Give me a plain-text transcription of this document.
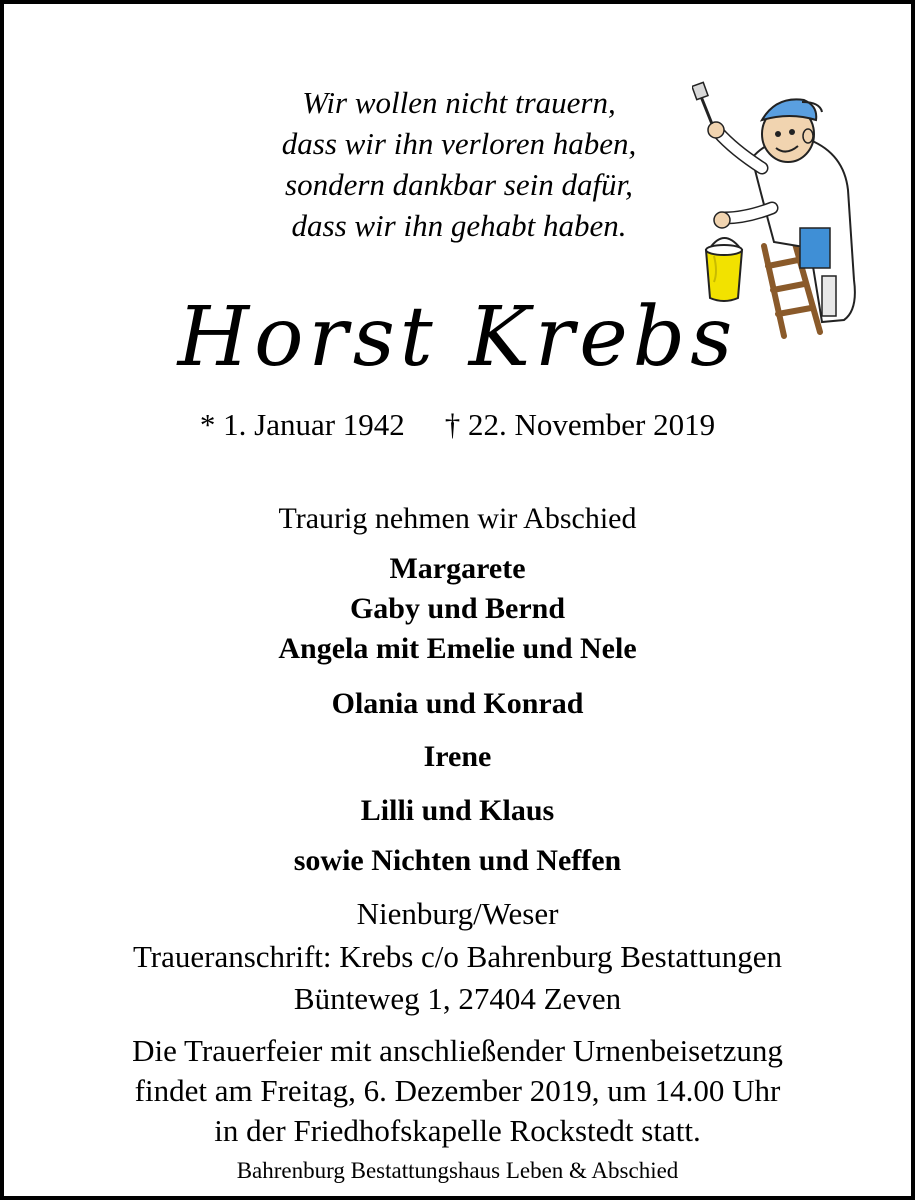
Wir wollen nicht trauern,
dass wir ihn verloren haben,
sondern dankbar sein dafür,
dass wir ihn gehabt haben.
Horst Krebs
* 1. Januar 1942 † 22. November 2019
Traurig nehmen wir Abschied
Margarete
Gaby und Bernd
Angela mit Emelie und Nele
Olania und Konrad
Irene
Lilli und Klaus
sowie Nichten und Neffen
Nienburg/Weser
Traueranschrift: Krebs c/o Bahrenburg Bestattungen
Bünteweg 1, 27404 Zeven
Die Trauerfeier mit anschließender Urnenbeisetzung
findet am Freitag, 6. Dezember 2019, um 14.00 Uhr
in der Friedhofskapelle Rockstedt statt.
Bahrenburg Bestattungshaus Leben & Abschied
